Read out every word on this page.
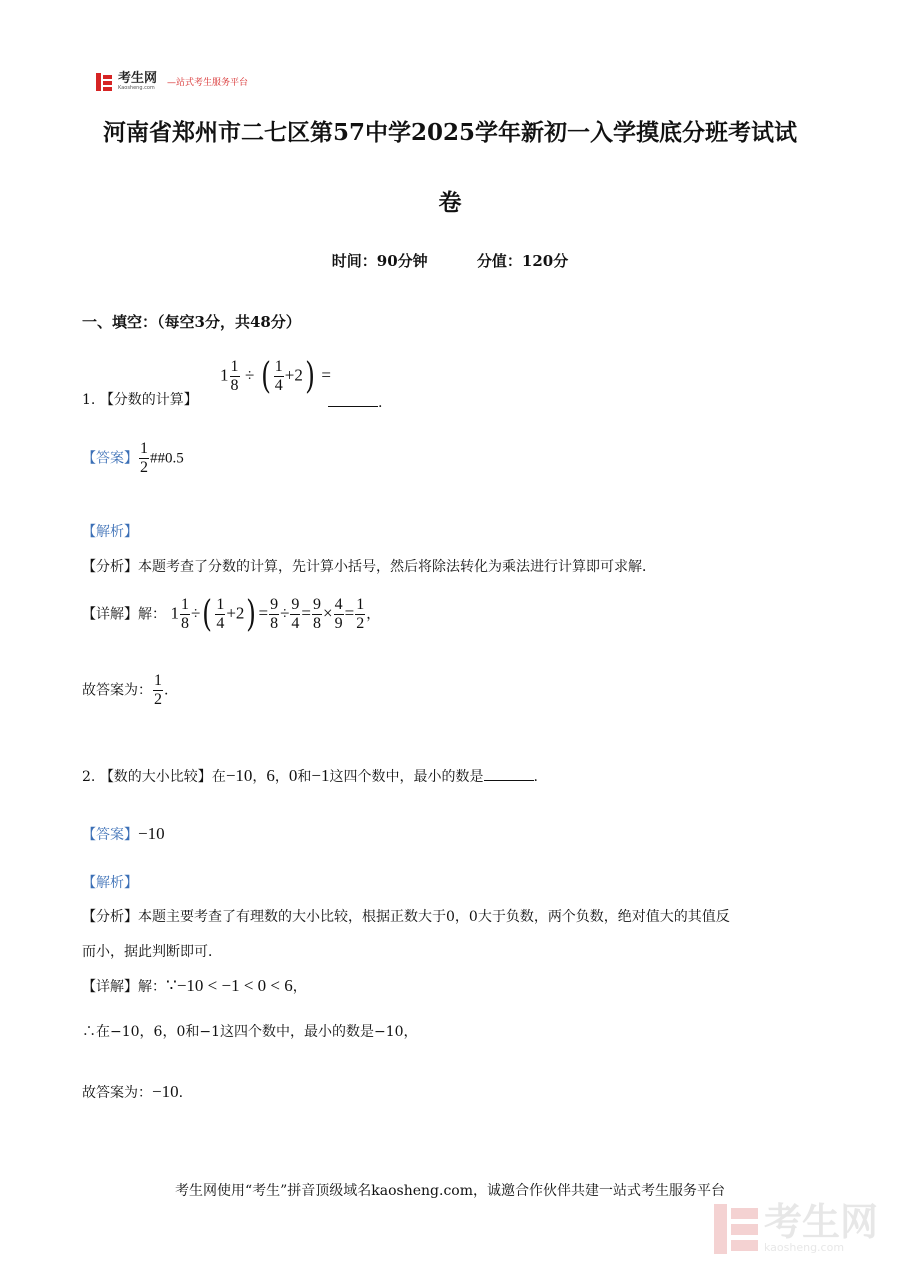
考生网
Kaosheng.com —站式考生服务平台
河南省郑州市二七区第57中学2025学年新初一入学摸底分班考试试
卷
时间：90分钟	分值：120分
一、填空：（每空3分，共48分）
$1 \frac{1}{8}$ ÷ ( $\frac{1}{4} +2$) =
1. 【分数的计算】	.
【答案】 $\frac{1}{2}$ ##0.5
【解析】
【分析】本题考查了分数的计算，先计算小括号，然后将除法转化为乘法进行计算即可求解．
【详解】解： $1 \frac{1}{8}$ ÷( $\frac{1}{4} +2) = \frac{9}{8} \div \frac{9}{4} = \frac{9}{8} \times \frac{4}{9} = \frac{1}{2}$ ，
故答案为： $\frac{1}{2}$ .
2. 【数的大小比较】在−10，6，0和−1这四个数中，最小的数是	.
【答案】−10
【解析】
【分析】本题主要考查了有理数的大小比较，根据正数大于0，0大于负数，两个负数，绝对值大的其值反
而小，据此判断即可．
【详解】解：∵−10 < −1 < 0 < 6，
∴在−10，6，0和−1这四个数中，最小的数是−10，
故答案为：−10.
考生网使用“考生”拼音顶级域名kaosheng.com，诚邀合作伙伴共建一站式考生服务平台
考生网
kaosheng.com
